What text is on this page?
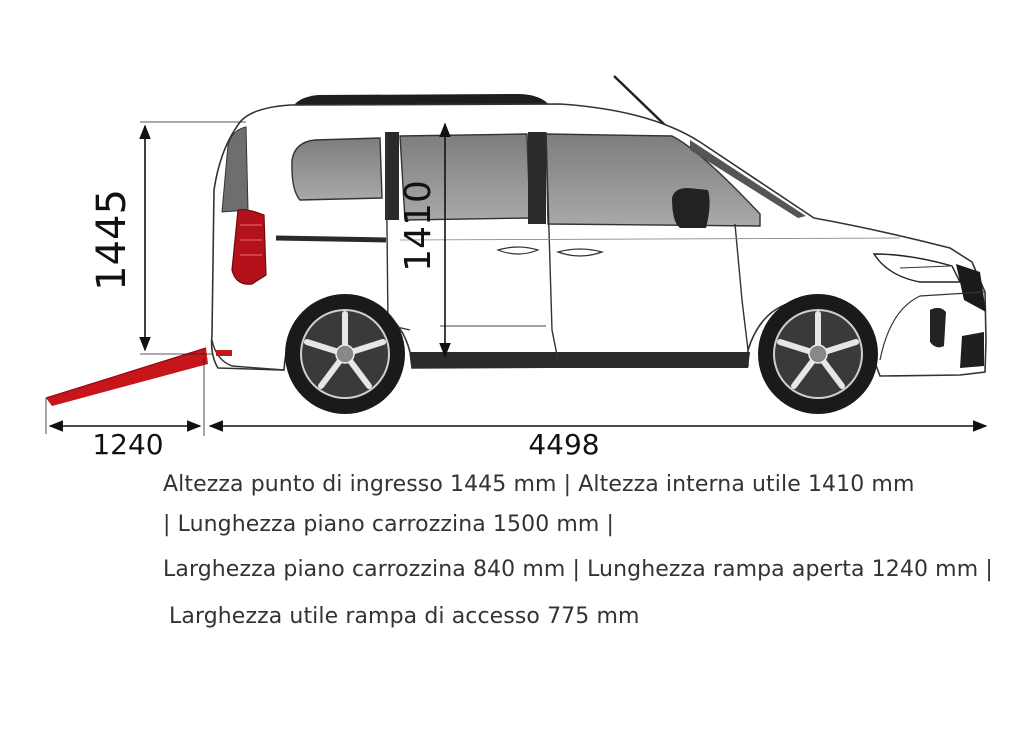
1445	1410
1240	4498
Altezza punto di ingresso 1445 mm | Altezza interna utile 1410 mm
| Lunghezza piano carrozzina 1500 mm |
Larghezza piano carrozzina 840 mm | Lunghezza rampa aperta 1240 mm |
Larghezza utile rampa di accesso 775 mm
